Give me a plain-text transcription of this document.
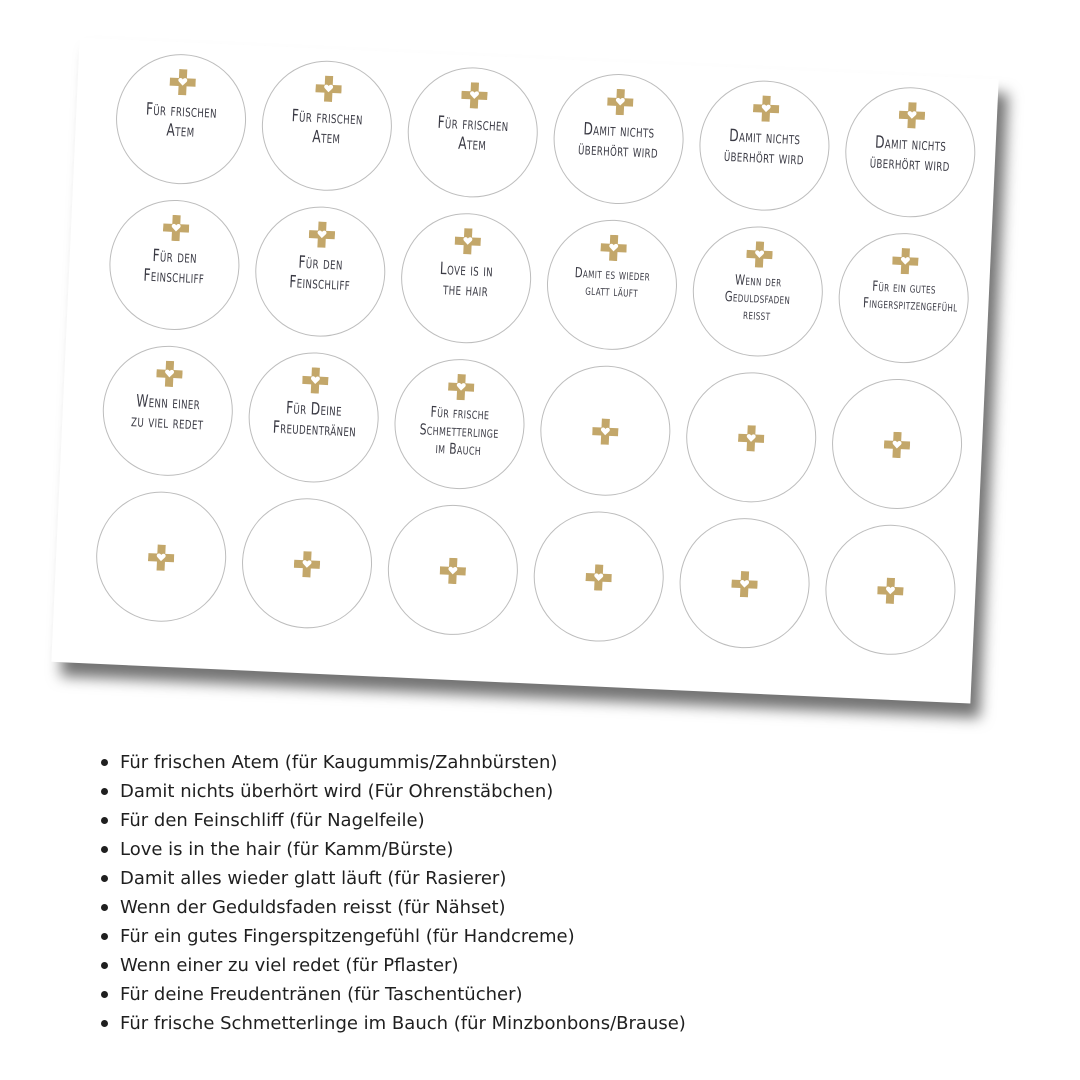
Für frischen
Atem
Für frischen
Atem
Für frischen
Atem
Damit nichts
überhört wird
Damit nichts
überhört wird
Damit nichts
überhört wird
Für den
Feinschliff
Für den
Feinschliff
Love is in
the hair
Damit es wieder
glatt läuft
Wenn der
Geduldsfaden reisst
Für ein gutes
Fingerspitzengefühl
Wenn einer
zu viel redet
Für Deine
Freudentränen
Für frische
Schmetterlinge
im Bauch
Für frischen Atem (für Kaugummis/Zahnbürsten)
Damit nichts überhört wird (Für Ohrenstäbchen)
Für den Feinschliff (für Nagelfeile)
Love is in the hair (für Kamm/Bürste)
Damit alles wieder glatt läuft (für Rasierer)
Wenn der Geduldsfaden reisst (für Nähset)
Für ein gutes Fingerspitzengefühl (für Handcreme)
Wenn einer zu viel redet (für Pflaster)
Für deine Freudentränen (für Taschentücher)
Für frische Schmetterlinge im Bauch (für Minzbonbons/Brause)
